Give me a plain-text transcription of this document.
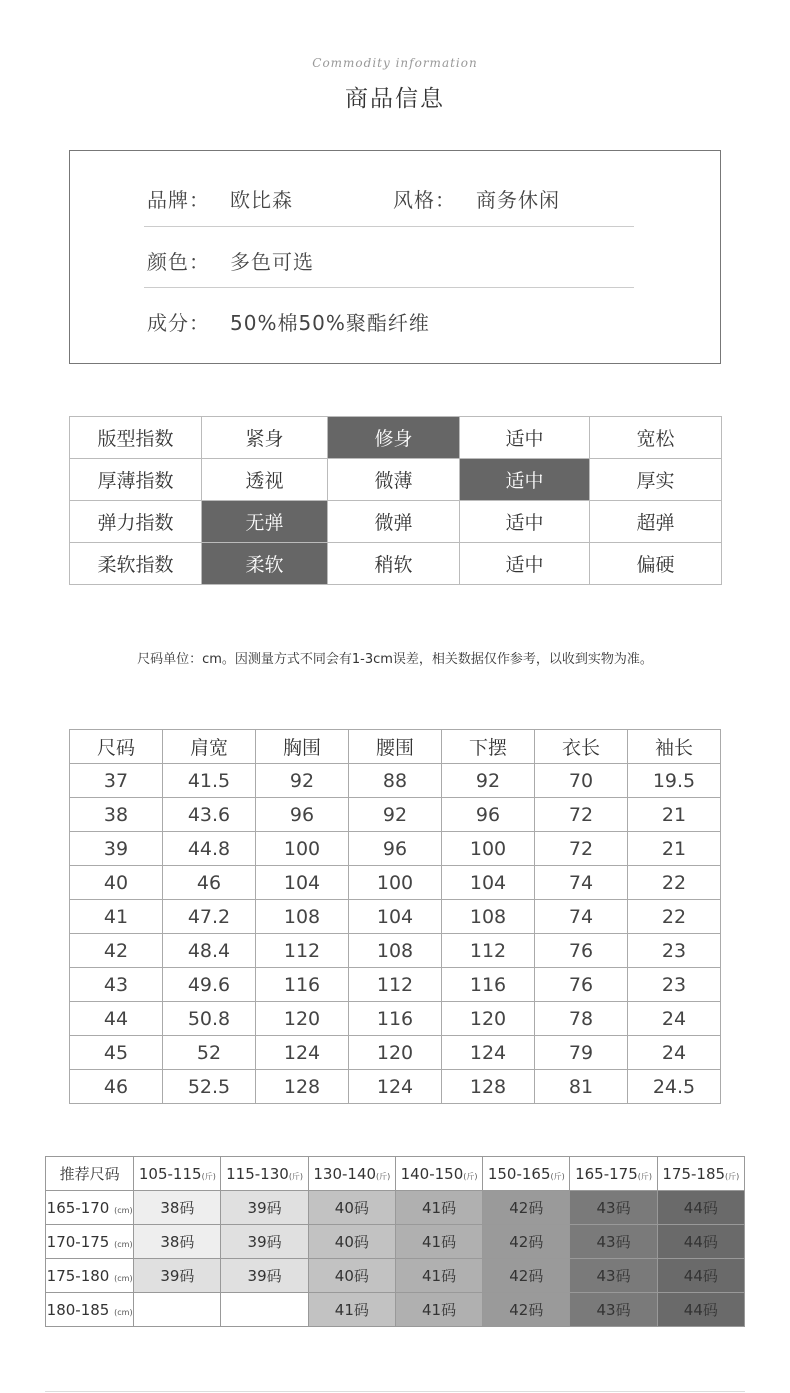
Commodity information
商品信息
品牌： 欧比森	风格： 商务休闲
颜色： 多色可选
成分： 50%棉50%聚酯纤维
版型指数	紧身	修身	适中	宽松
厚薄指数	透视	微薄	适中	厚实
弹力指数	无弹	微弹	适中	超弹
柔软指数	柔软	稍软	适中	偏硬
尺码单位：cm。因测量方式不同会有1-3cm误差，相关数据仅作参考，以收到实物为准。
尺码	肩宽	胸围	腰围	下摆	衣长	袖长
37	41.5	92	88	92	70	19.5
38	43.6	96	92	96	72	21
39	44.8	100	96	100	72	21
40	46	104	100	104	74	22
41	47.2	108	104	108	74	22
42	48.4	112	108	112	76	23
43	49.6	116	112	116	76	23
44	50.8	120	116	120	78	24
45	52	124	120	124	79	24
46	52.5	128	124	128	81	24.5
推荐尺码	105-115(斤)	115-130(斤)	130-140(斤)	140-150(斤)	150-165(斤)	165-175(斤)	175-185(斤)
165-170 (cm)	38码	39码	40码	41码	42码	43码	44码
170-175 (cm)	38码	39码	40码	41码	42码	43码	44码
175-180 (cm)	39码	39码	40码	41码	42码	43码	44码
180-185 (cm)			41码	41码	42码	43码	44码
